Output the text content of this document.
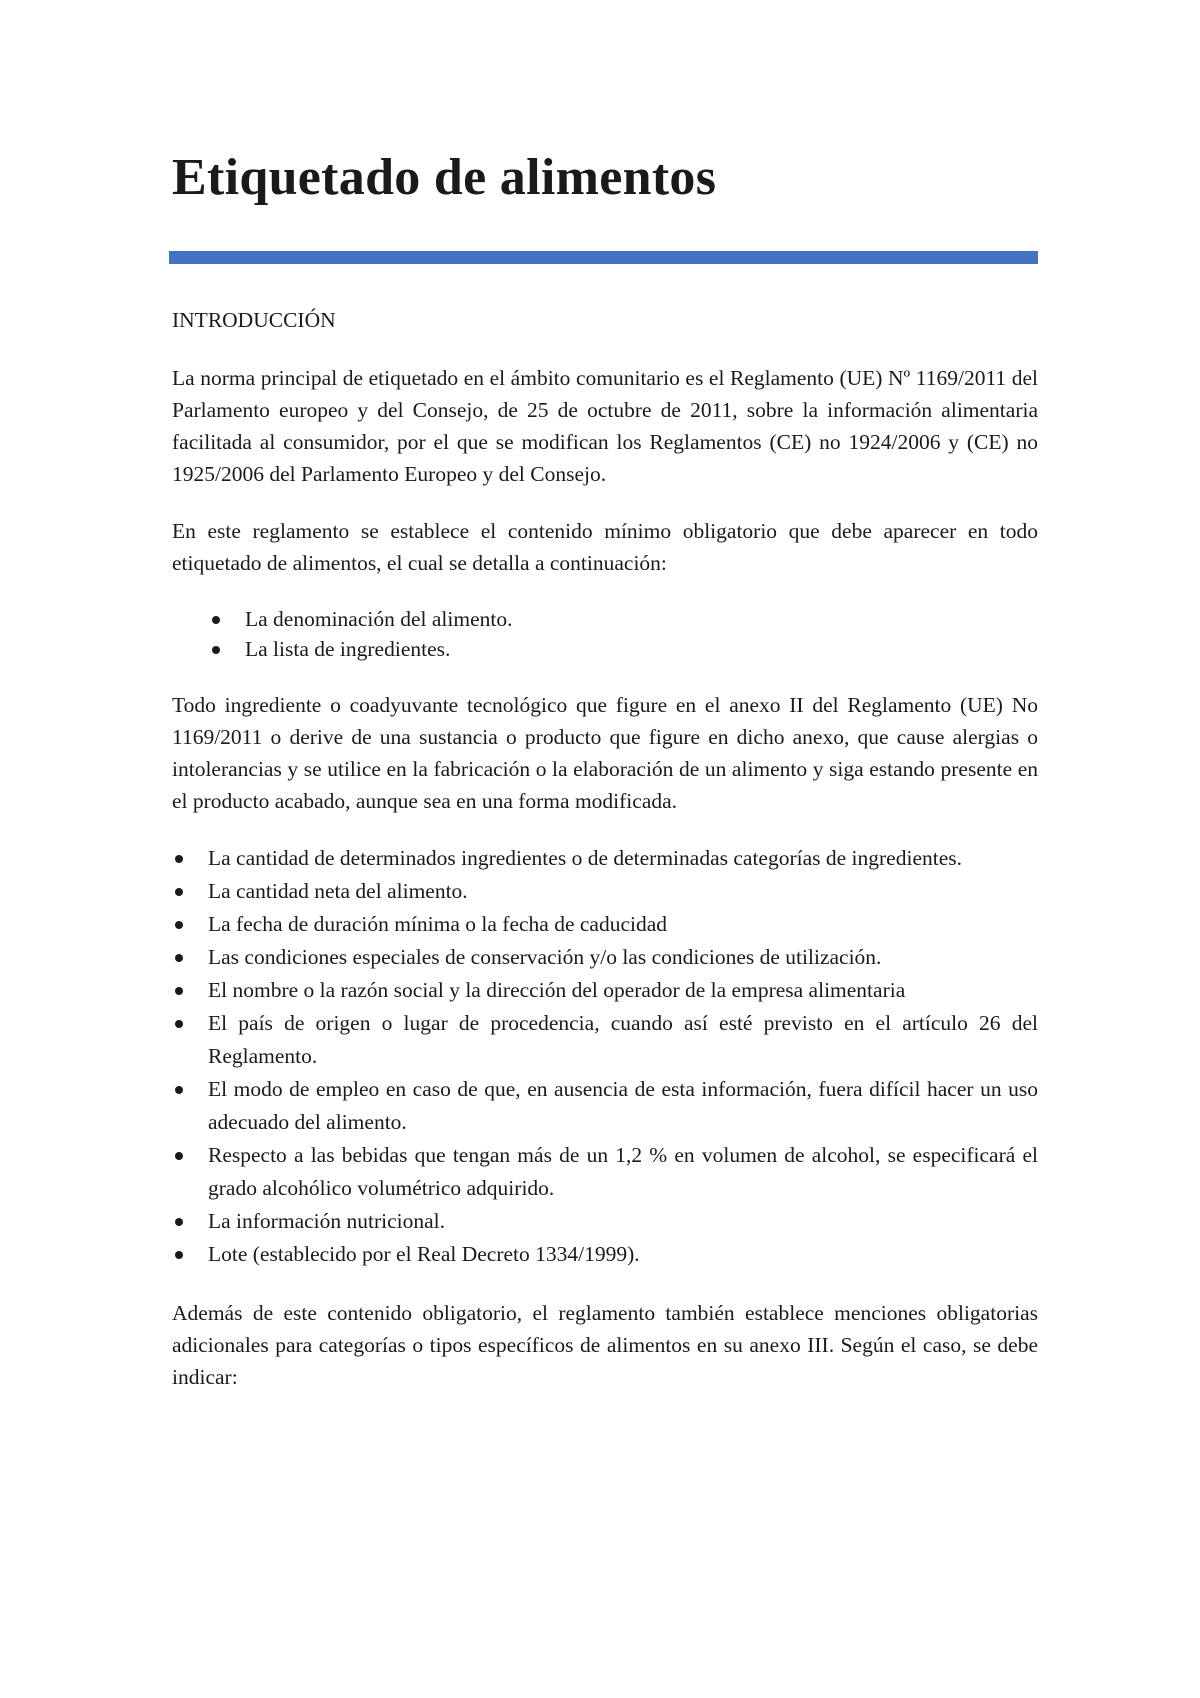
Etiquetado de alimentos

INTRODUCCIÓN

La norma principal de etiquetado en el ámbito comunitario es el Reglamento (UE) Nº 1169/2011 del Parlamento europeo y del Consejo, de 25 de octubre de 2011, sobre la información alimentaria facilitada al consumidor, por el que se modifican los Reglamentos (CE) no 1924/2006 y (CE) no 1925/2006 del Parlamento Europeo y del Consejo.

En este reglamento se establece el contenido mínimo obligatorio que debe aparecer en todo etiquetado de alimentos, el cual se detalla a continuación:

La denominación del alimento.
La lista de ingredientes.

Todo ingrediente o coadyuvante tecnológico que figure en el anexo II del Reglamento (UE) No 1169/2011 o derive de una sustancia o producto que figure en dicho anexo, que cause alergias o intolerancias y se utilice en la fabricación o la elaboración de un alimento y siga estando presente en el producto acabado, aunque sea en una forma modificada.

La cantidad de determinados ingredientes o de determinadas categorías de ingredientes.
La cantidad neta del alimento.
La fecha de duración mínima o la fecha de caducidad
Las condiciones especiales de conservación y/o las condiciones de utilización.
El nombre o la razón social y la dirección del operador de la empresa alimentaria
El país de origen o lugar de procedencia, cuando así esté previsto en el artículo 26 del Reglamento.
El modo de empleo en caso de que, en ausencia de esta información, fuera difícil hacer un uso adecuado del alimento.
Respecto a las bebidas que tengan más de un 1,2 % en volumen de alcohol, se especificará el grado alcohólico volumétrico adquirido.
La información nutricional.
Lote (establecido por el Real Decreto 1334/1999).

Además de este contenido obligatorio, el reglamento también establece menciones obligatorias adicionales para categorías o tipos específicos de alimentos en su anexo III. Según el caso, se debe indicar:
